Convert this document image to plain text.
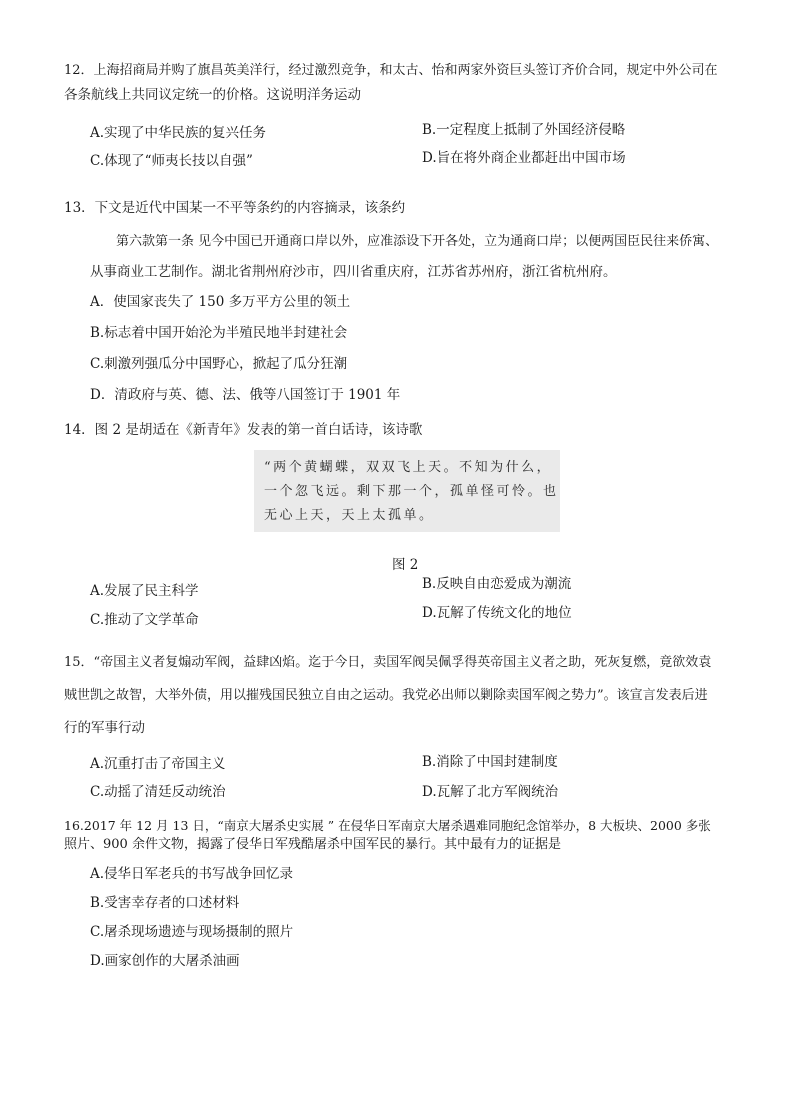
12．上海招商局并购了旗昌英美洋行，经过激烈竞争，和太古、怡和两家外资巨头签订齐价合同，规定中外公司在
各条航线上共同议定统一的价格。这说明洋务运动
A.实现了中华民族的复兴任务	B.一定程度上抵制了外国经济侵略
C.体现了“师夷长技以自强”	D.旨在将外商企业都赶出中国市场
13．下文是近代中国某一不平等条约的内容摘录，该条约
第六款第一条 见今中国已开通商口岸以外，应准添设下开各处，立为通商口岸；以便两国臣民往来侨寓、
从事商业工艺制作。湖北省荆州府沙市，四川省重庆府，江苏省苏州府，浙江省杭州府。
A．使国家丧失了 150 多万平方公里的领土
B.标志着中国开始沦为半殖民地半封建社会
C.刺激列强瓜分中国野心，掀起了瓜分狂潮
D．清政府与英、德、法、俄等八国签订于 1901 年
14．图 2 是胡适在《新青年》发表的第一首白话诗，该诗歌
“两个黄蝴蝶，双双飞上天。不知为什么，
一个忽飞远。剩下那一个，孤单怪可怜。也
无心上天，天上太孤单。
图 2
A.发展了民主科学	B.反映自由恋爱成为潮流
C.推动了文学革命	D.瓦解了传统文化的地位
15．“帝国主义者复煽动军阀，益肆凶焰。迄于今日，卖国军阀吴佩孚得英帝国主义者之助，死灰复燃，竟欲效袁
贼世凯之故智，大举外债，用以摧残国民独立自由之运动。我党必出师以剿除卖国军阀之势力”。该宣言发表后进
行的军事行动
A.沉重打击了帝国主义	B.消除了中国封建制度
C.动摇了清廷反动统治	D.瓦解了北方军阀统治
16.2017 年 12 月 13 日，“南京大屠杀史实展 ” 在侵华日军南京大屠杀遇难同胞纪念馆举办，8 大板块、2000 多张
照片、900 余件文物，揭露了侵华日军残酷屠杀中国军民的暴行。其中最有力的证据是
A.侵华日军老兵的书写战争回忆录
B.受害幸存者的口述材料
C.屠杀现场遗迹与现场摄制的照片
D.画家创作的大屠杀油画
